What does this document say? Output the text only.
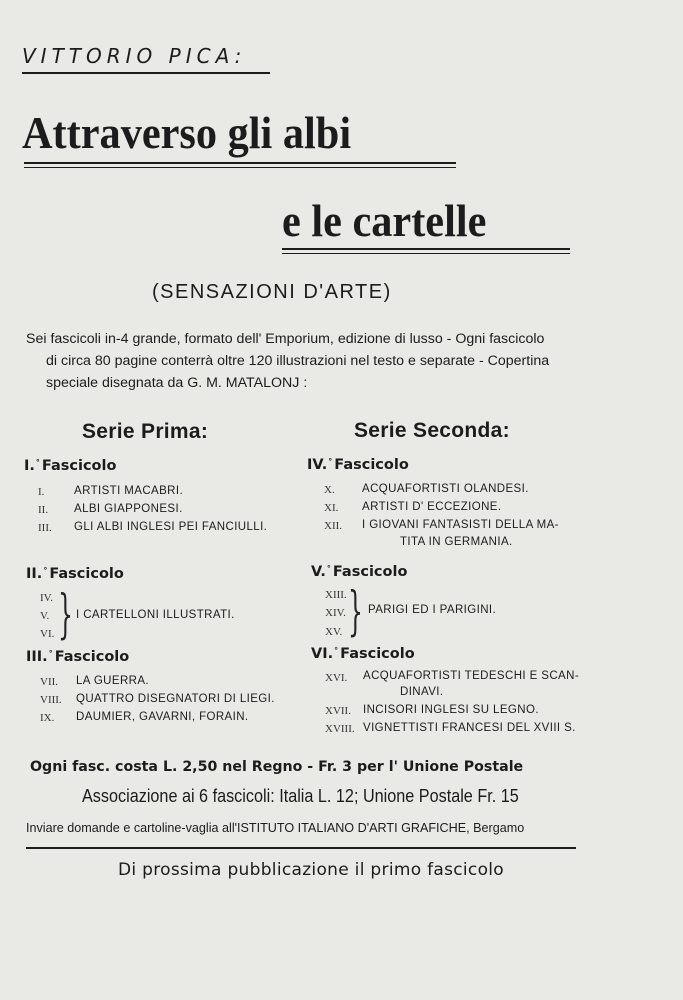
VITTORIO PICA:
Attraverso gli albi
e le cartelle
(SENSAZIONI D'ARTE)
Sei fascicoli in-4 grande, formato dell' Emporium, edizione di lusso - Ogni fascicolo
di circa 80 pagine conterrà oltre 120 illustrazioni nel testo e separate - Copertina
speciale disegnata da G. M. MATALONJ :
Serie Prima:	Serie Seconda:
I.° Fascicolo
I.	ARTISTI MACABRI.
II. ALBI GIAPPONESI.
III. GLI ALBI INGLESI PEI FANCIULLI.
II.° Fascicolo
IV.
V.
VI. } I CARTELLONI ILLUSTRATI.
III.° Fascicolo
VII. LA GUERRA.
VIII. QUATTRO DISEGNATORI DI LIEGI.
IX. DAUMIER, GAVARNI, FORAIN.
IV.° Fascicolo
X. ACQUAFORTISTI OLANDESI.
XI. ARTISTI D' ECCEZIONE.
XII. I GIOVANI FANTASISTI DELLA MA-
TITA IN GERMANIA.
V.° Fascicolo
XIII.
XIV.
XV. } PARIGI ED I PARIGINI.
VI.° Fascicolo
XVI. ACQUAFORTISTI TEDESCHI E SCAN-
DINAVI.
XVII. INCISORI INGLESI SU LEGNO.
XVIII. VIGNETTISTI FRANCESI DEL XVIII S.
Ogni fasc. costa L. 2,50 nel Regno - Fr. 3 per l' Unione Postale
Associazione ai 6 fascicoli: Italia L. 12; Unione Postale Fr. 15
Inviare domande e cartoline-vaglia all'ISTITUTO ITALIANO D'ARTI GRAFICHE, Bergamo
Di prossima pubblicazione il primo fascicolo
